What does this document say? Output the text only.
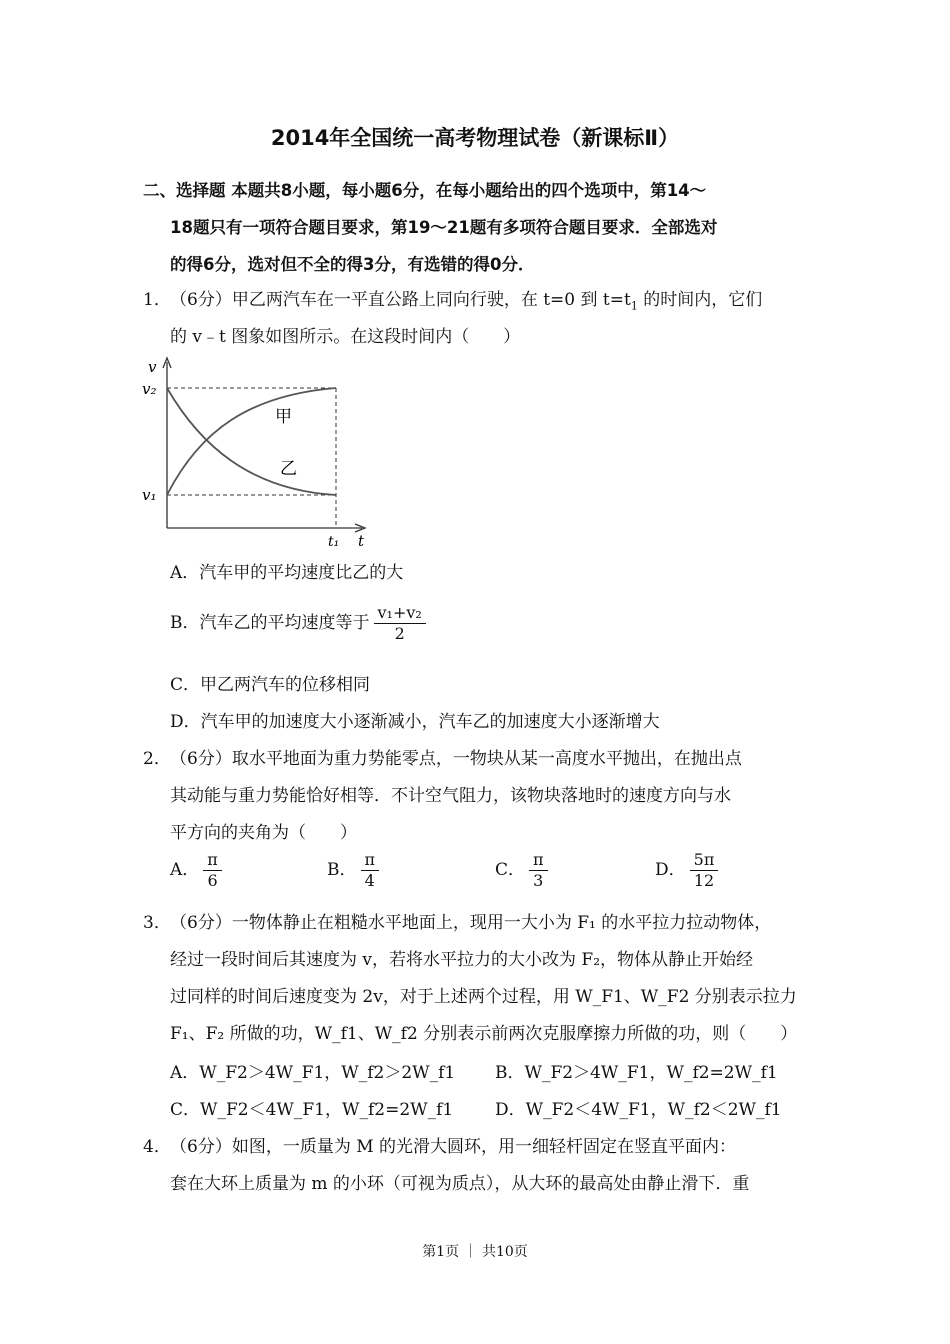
2014年全国统一高考物理试卷（新课标Ⅱ）
二、选择题 本题共8小题，每小题6分，在每小题给出的四个选项中，第14～
18题只有一项符合题目要求，第19～21题有多项符合题目要求．全部选对
的得6分，选对但不全的得3分，有选错的得0分．
1． （6分）甲乙两汽车在一平直公路上同向行驶，在 t=0 到 $t=t_1$ 的时间内，它们
的 v﹣t 图象如图所示。在这段时间内（　　）
v
v₂
v₁
t₁ t
甲
乙
A．汽车甲的平均速度比乙的大
B．汽车乙的平均速度等于 $\frac{\text{v₁+v₂}}{2}$
C．甲乙两汽车的位移相同
D．汽车甲的加速度大小逐渐减小，汽车乙的加速度大小逐渐增大
2． （6分）取水平地面为重力势能零点，一物块从某一高度水平抛出，在抛出点
其动能与重力势能恰好相等．不计空气阻力，该物块落地时的速度方向与水
平方向的夹角为（　　）
A． $\frac{\pi}{6}$	B． $\frac{\pi}{4}$	C． $\frac{\pi}{3}$	D． $\frac{5\pi}{12}$
3． （6分）一物体静止在粗糙水平地面上，现用一大小为 F₁ 的水平拉力拉动物体，
经过一段时间后其速度为 v，若将水平拉力的大小改为 F₂，物体从静止开始经
过同样的时间后速度变为 2v，对于上述两个过程，用 W_F1、W_F2 分别表示拉力
F₁、F₂ 所做的功，W_f1、W_f2 分别表示前两次克服摩擦力所做的功，则（　　）
A．W_F2＞4W_F1，W_f2＞2W_f1 B．W_F2＞4W_F1，W_f2=2W_f1
C．W_F2＜4W_F1，W_f2=2W_f1 D．W_F2＜4W_F1，W_f2＜2W_f1
4． （6分）如图，一质量为 M 的光滑大圆环，用一细轻杆固定在竖直平面内：
套在大环上质量为 m 的小环（可视为质点），从大环的最高处由静止滑下．重
第1页 ｜ 共10页
